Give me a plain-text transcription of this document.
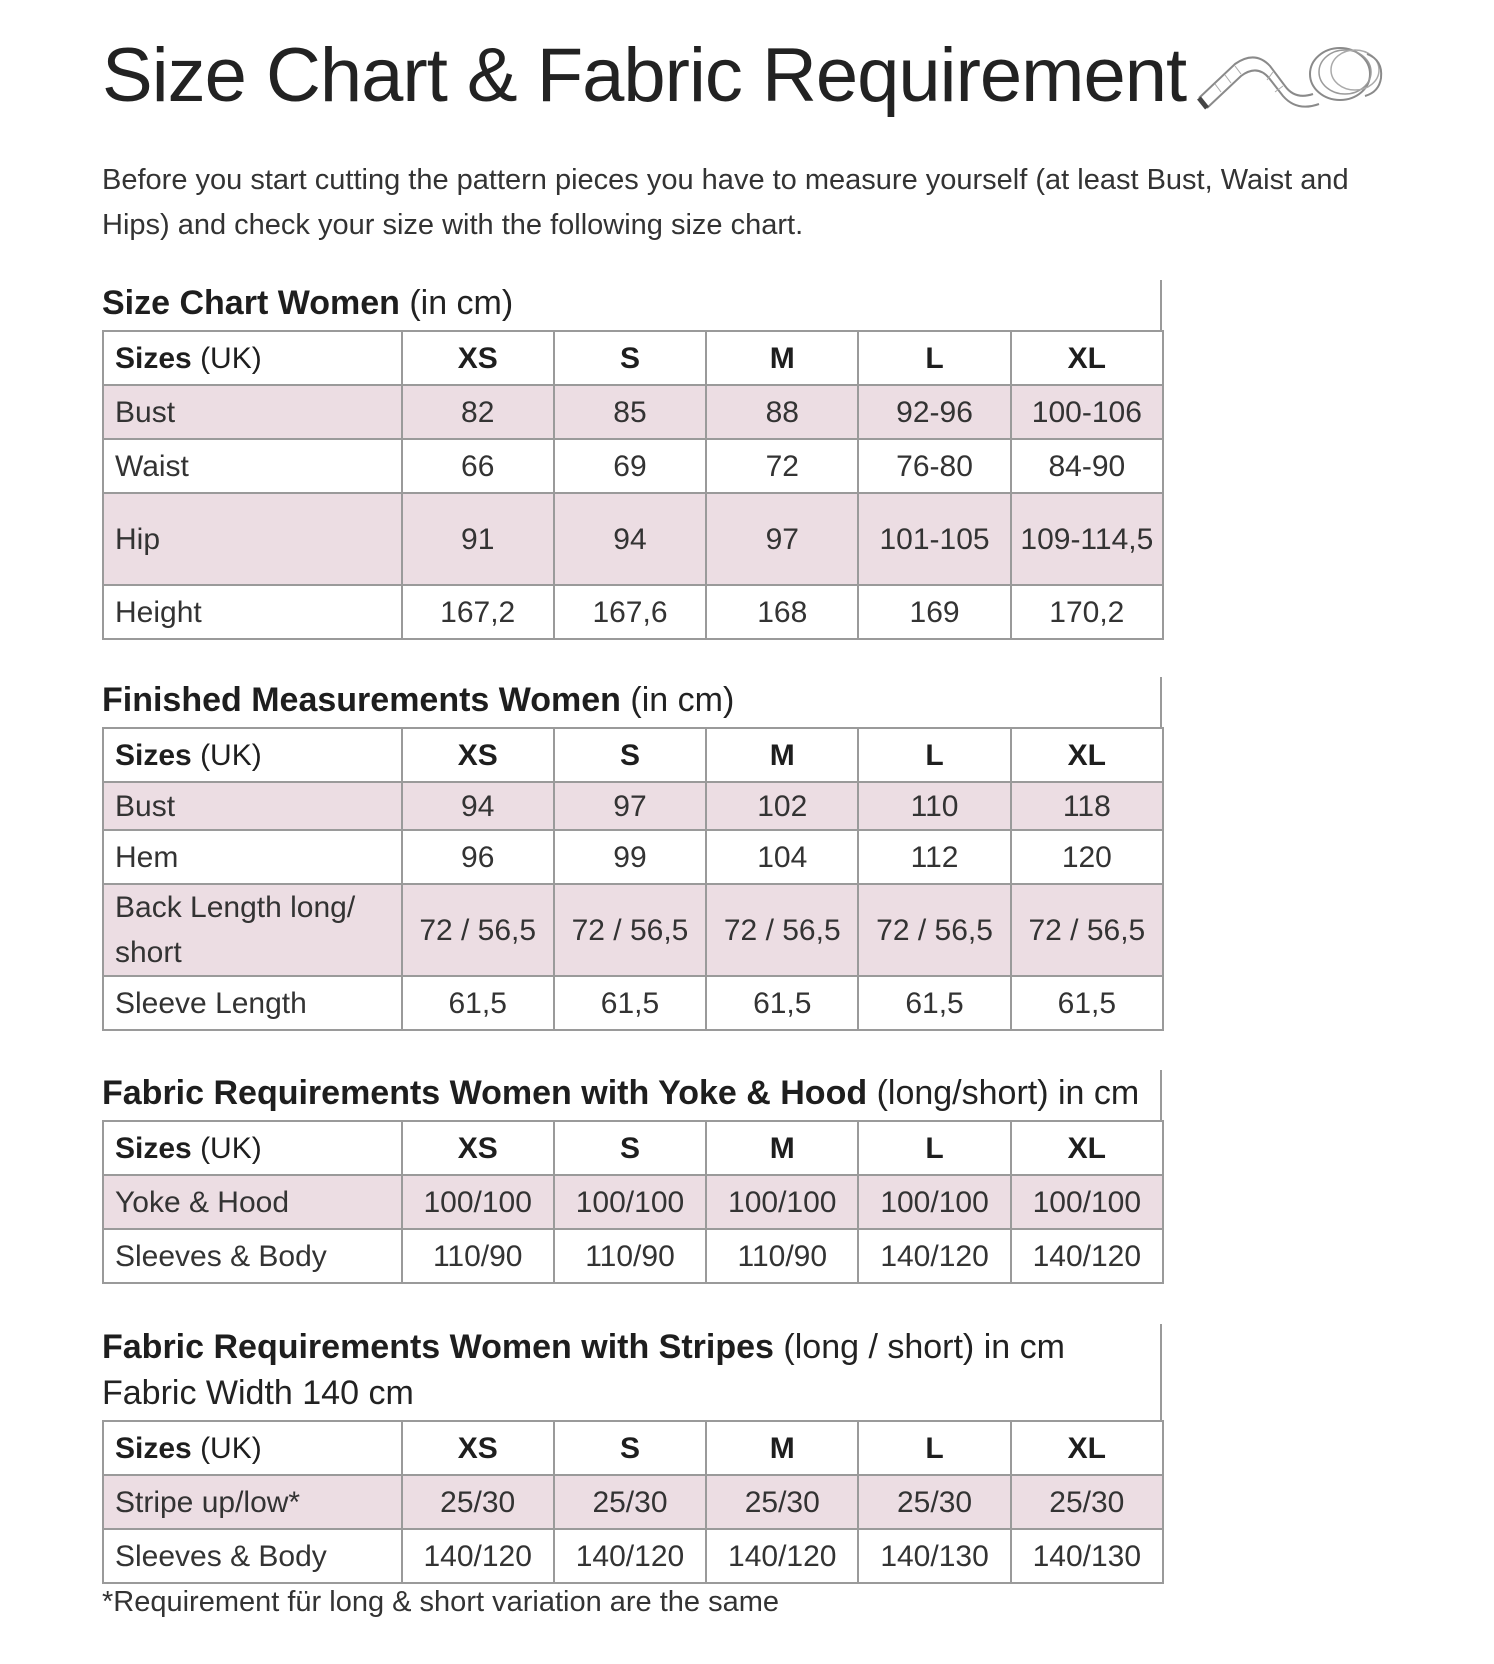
Size Chart & Fabric Requirement

Before you start cutting the pattern pieces you have to measure yourself (at least Bust, Waist and Hips) and check your size with the following size chart.

Size Chart Women (in cm)
Sizes (UK)	XS	S	M	L	XL
Bust	82	85	88	92-96	100-106
Waist	66	69	72	76-80	84-90
Hip	91	94	97	101-105	109-114,5
Height	167,2	167,6	168	169	170,2
Finished Measurements Women (in cm)
Sizes (UK)	XS	S	M	L	XL
Bust	94	97	102	110	118
Hem	96	99	104	112	120
Back Length long/ short	72 / 56,5	72 / 56,5	72 / 56,5	72 / 56,5	72 / 56,5
Sleeve Length	61,5	61,5	61,5	61,5	61,5
Fabric Requirements Women with Yoke & Hood (long/short) in cm
Sizes (UK)	XS	S	M	L	XL
Yoke & Hood	100/100	100/100	100/100	100/100	100/100
Sleeves & Body	110/90	110/90	110/90	140/120	140/120
Fabric Requirements Women with Stripes (long / short) in cm
Fabric Width 140 cm
Sizes (UK)	XS	S	M	L	XL
Stripe up/low*	25/30	25/30	25/30	25/30	25/30
Sleeves & Body	140/120	140/120	140/120	140/130	140/130

*Requirement für long & short variation are the same
